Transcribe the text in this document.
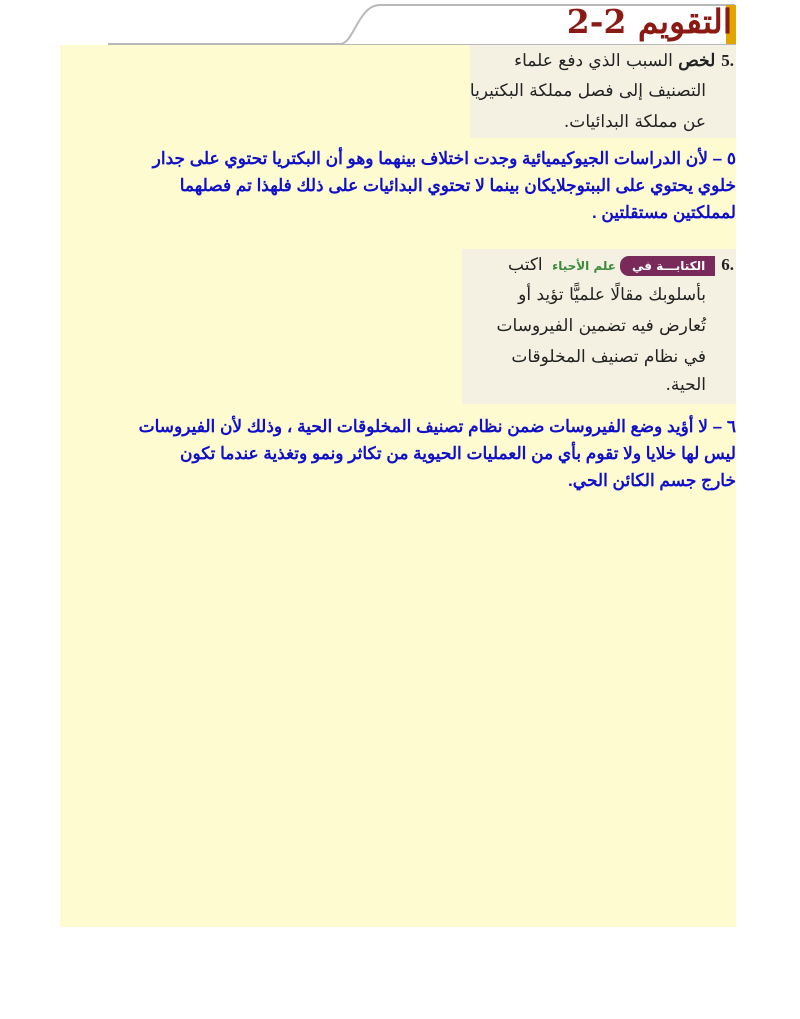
التقويم 2-2
5.لخص السبب الذي دفع علماء
التصنيف إلى فصل مملكة البكتيريا
عن مملكة البدائيات.
٥ – لأن الدراسات الجيوكيميائية وجدت اختلاف بينهما وهو أن البكتريا تحتوي على جدار
خلوي يحتوي على الببتوجلايكان بينما لا تحتوي البدائيات على ذلك فلهذا تم فصلهما
لمملكتين مستقلتين .
6.الكتابـــة فيعلم الأحياء اكتب
بأسلوبك مقالًا علميًّا تؤيد أو
تُعارض فيه تضمين الفيروسات
في نظام تصنيف المخلوقات
الحية.
٦ – لا أؤيد وضع الفيروسات ضمن نظام تصنيف المخلوقات الحية ، وذلك لأن الفيروسات
ليس لها خلايا ولا تقوم بأي من العمليات الحيوية من تكاثر ونمو وتغذية عندما تكون
خارج جسم الكائن الحي.
